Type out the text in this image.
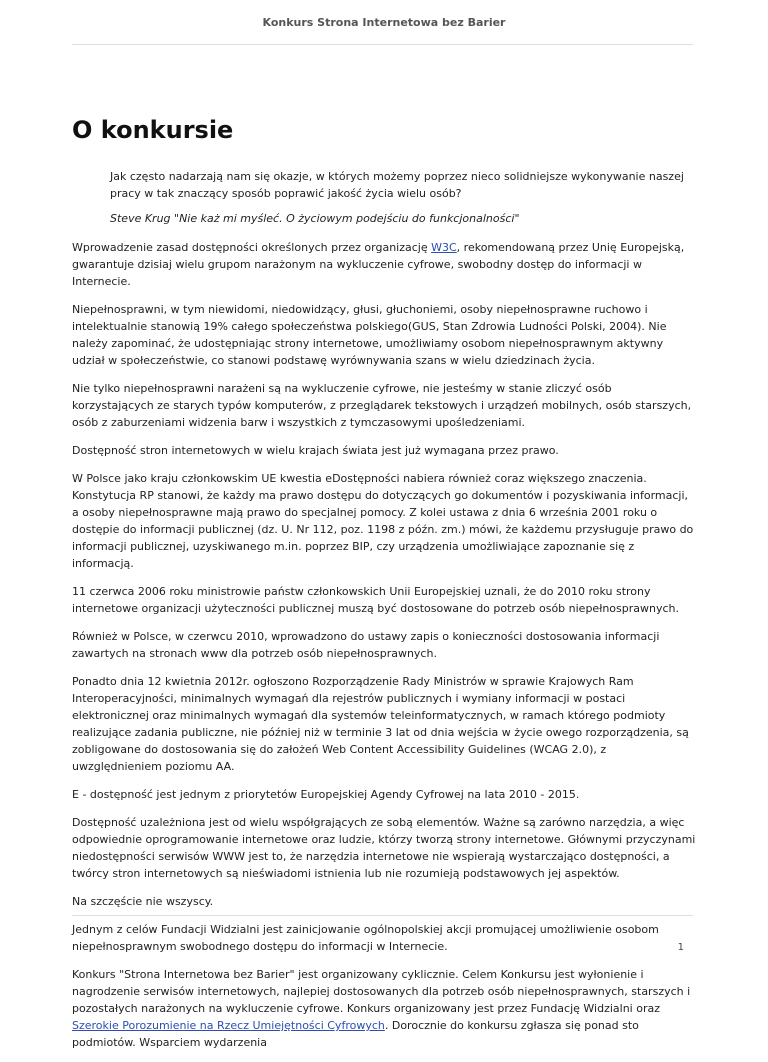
Konkurs Strona Internetowa bez Barier
O konkursie

Jak często nadarzają nam się okazje, w których możemy poprzez nieco solidniejsze wykonywanie naszej pracy w tak znaczący sposób poprawić jakość życia wielu osób?

Steve Krug "Nie każ mi myśleć. O życiowym podejściu do funkcjonalności"

Wprowadzenie zasad dostępności określonych przez organizację W3C, rekomendowaną przez Unię Europejską, gwarantuje dzisiaj wielu grupom narażonym na wykluczenie cyfrowe, swobodny dostęp do informacji w Internecie.

Niepełnosprawni, w tym niewidomi, niedowidzący, głusi, głuchoniemi, osoby niepełnosprawne ruchowo i intelektualnie stanowią 19% całego społeczeństwa polskiego(GUS, Stan Zdrowia Ludności Polski, 2004). Nie należy zapominać, że udostępniając strony internetowe, umożliwiamy osobom niepełnosprawnym aktywny udział w społeczeństwie, co stanowi podstawę wyrównywania szans w wielu dziedzinach życia.

Nie tylko niepełnosprawni narażeni są na wykluczenie cyfrowe, nie jesteśmy w stanie zliczyć osób korzystających ze starych typów komputerów, z przeglądarek tekstowych i urządzeń mobilnych, osób starszych, osób z zaburzeniami widzenia barw i wszystkich z tymczasowymi upośledzeniami.

Dostępność stron internetowych w wielu krajach świata jest już wymagana przez prawo.

W Polsce jako kraju członkowskim UE kwestia eDostępności nabiera również coraz większego znaczenia. Konstytucja RP stanowi, że każdy ma prawo dostępu do dotyczących go dokumentów i pozyskiwania informacji, a osoby niepełnosprawne mają prawo do specjalnej pomocy. Z kolei ustawa z dnia 6 września 2001 roku o dostępie do informacji publicznej (dz. U. Nr 112, poz. 1198 z późn. zm.) mówi, że każdemu przysługuje prawo do informacji publicznej, uzyskiwanego m.in. poprzez BIP, czy urządzenia umożliwiające zapoznanie się z informacją.

11 czerwca 2006 roku ministrowie państw członkowskich Unii Europejskiej uznali, że do 2010 roku strony internetowe organizacji użyteczności publicznej muszą być dostosowane do potrzeb osób niepełnosprawnych.

Również w Polsce, w czerwcu 2010, wprowadzono do ustawy zapis o konieczności dostosowania informacji zawartych na stronach www dla potrzeb osób niepełnosprawnych.

Ponadto dnia 12 kwietnia 2012r. ogłoszono Rozporządzenie Rady Ministrów w sprawie Krajowych Ram Interoperacyjności, minimalnych wymagań dla rejestrów publicznych i wymiany informacji w postaci elektronicznej oraz minimalnych wymagań dla systemów teleinformatycznych, w ramach którego podmioty realizujące zadania publiczne, nie później niż w terminie 3 lat od dnia wejścia w życie owego rozporządzenia, są zobligowane do dostosowania się do założeń Web Content Accessibility Guidelines (WCAG 2.0), z uwzględnieniem poziomu AA.

E - dostępność jest jednym z priorytetów Europejskiej Agendy Cyfrowej na lata 2010 - 2015.

Dostępność uzależniona jest od wielu współgrających ze sobą elementów. Ważne są zarówno narzędzia, a więc odpowiednie oprogramowanie internetowe oraz ludzie, którzy tworzą strony internetowe. Głównymi przyczynami niedostępności serwisów WWW jest to, że narzędzia internetowe nie wspierają wystarczająco dostępności, a twórcy stron internetowych są nieświadomi istnienia lub nie rozumieją podstawowych jej aspektów.

Na szczęście nie wszyscy.

Jednym z celów Fundacji Widzialni jest zainicjowanie ogólnopolskiej akcji promującej umożliwienie osobom niepełnosprawnym swobodnego dostępu do informacji w Internecie.

Konkurs "Strona Internetowa bez Barier" jest organizowany cyklicznie. Celem Konkursu jest wyłonienie i nagrodzenie serwisów internetowych, najlepiej dostosowanych dla potrzeb osób niepełnosprawnych, starszych i pozostałych narażonych na wykluczenie cyfrowe. Konkurs organizowany jest przez Fundację Widzialni oraz Szerokie Porozumienie na Rzecz Umiejętności Cyfrowych. Dorocznie do konkursu zgłasza się ponad sto podmiotów. Wsparciem wydarzenia

1
